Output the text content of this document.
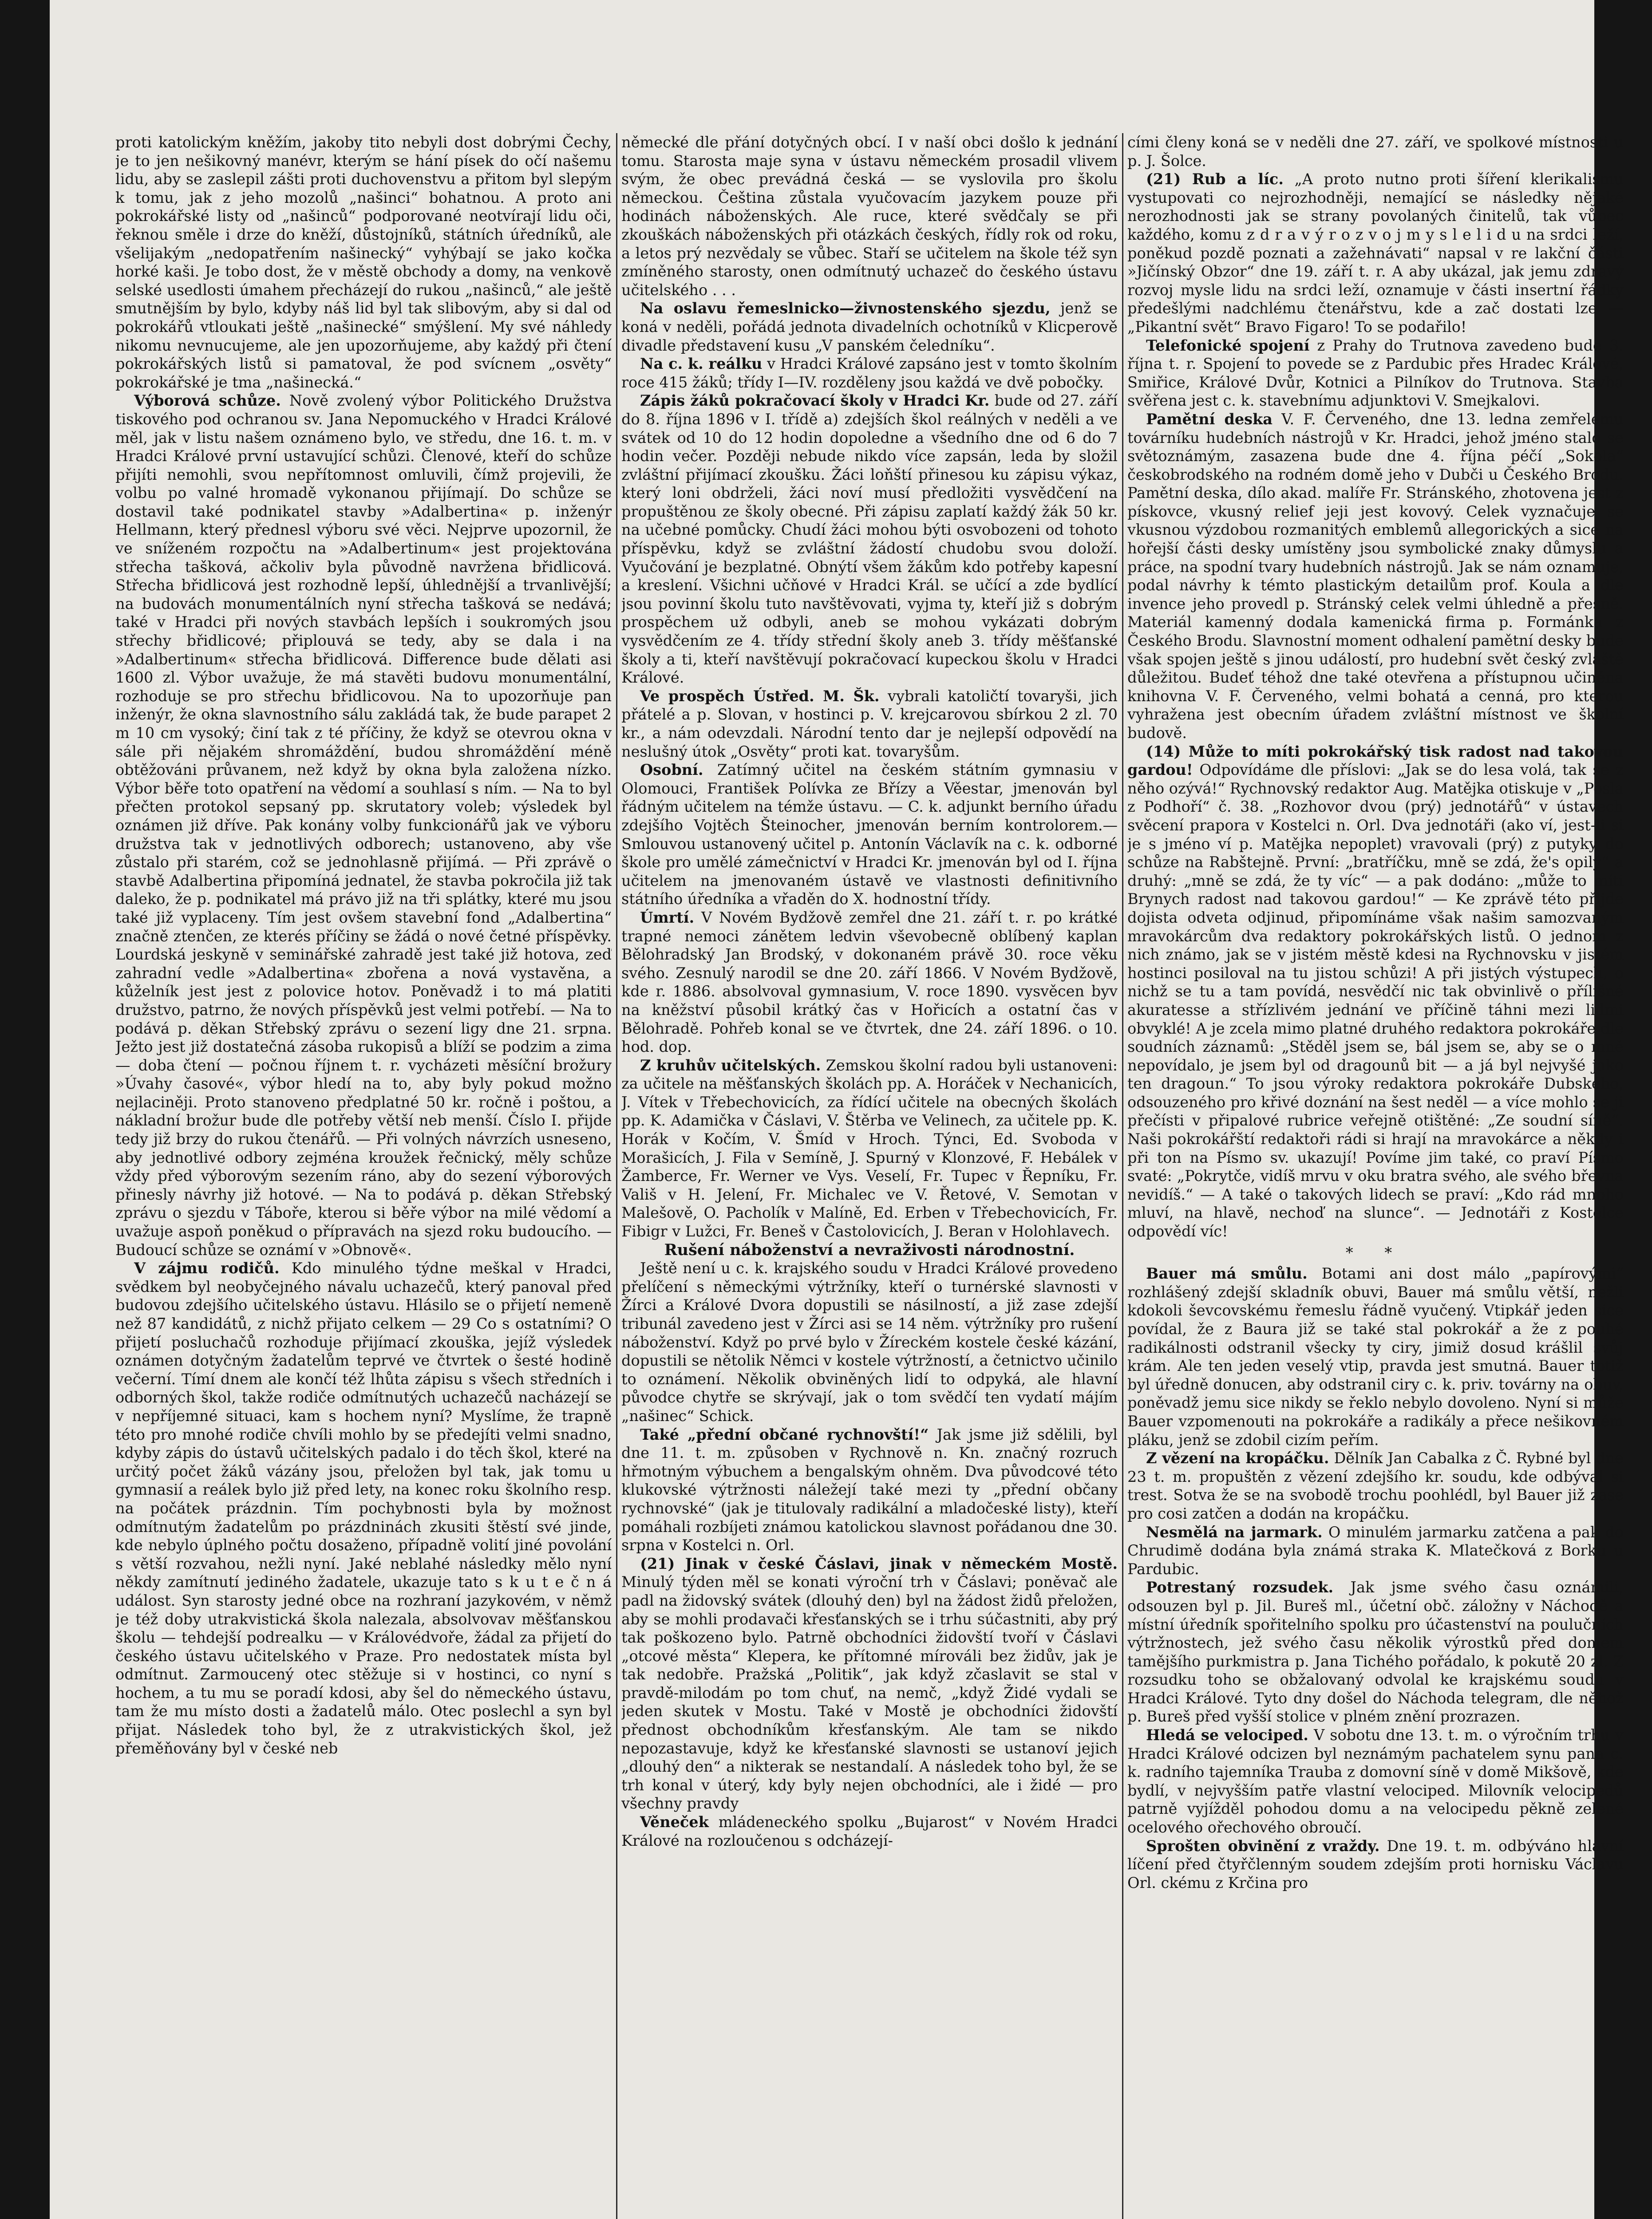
proti katolickým kněžím, jakoby tito nebyli dost dobrými Čechy, je to jen nešikovný manévr, kterým se hání písek do očí našemu lidu, aby se zaslepil zášti proti duchovenstvu a přitom byl slepým k tomu, jak z jeho mozolů „našinci“ bohatnou. A proto ani pokrokářské listy od „našinců“ podporované neotvírají lidu oči, řeknou směle i drze do kněží, důstojníků, státních úředníků, ale všelijakým „nedopatřením našinecký“ vyhýbají se jako kočka horké kaši. Je tobo dost, že v městě obchody a domy, na venkově selské usedlosti úmahem přecházejí do rukou „našinců,“ ale ještě smutnějším by bylo, kdyby náš lid byl tak slibovým, aby si dal od pokrokářů vtloukati ještě „našinecké“ smýšlení. My své náhledy nikomu nevnucujeme, ale jen upozorňujeme, aby každý při čtení pokrokářských listů si pamatoval, že pod svícnem „osvěty“ pokrokářské je tma „našinecká.“

Výborová schůze. Nově zvolený výbor Politického Družstva tiskového pod ochranou sv. Jana Nepomuckého v Hradci Králové měl, jak v listu našem oznámeno bylo, ve středu, dne 16. t. m. v Hradci Králové první ustavující schůzi. Členové, kteří do schůze přijíti nemohli, svou nepřítomnost omluvili, čímž projevili, že volbu po valné hromadě vykonanou přijímají. Do schůze se dostavil také podnikatel stavby »Adalbertina« p. inženýr Hellmann, který přednesl výboru své věci. Nejprve upozornil, že ve sníženém rozpočtu na »Adalbertinum« jest projektována střecha tašková, ačkoliv byla původně navržena břidlicová. Střecha břidlicová jest rozhodně lepší, úhlednější a trvanlivější; na budovách monumentálních nyní střecha tašková se nedává; také v Hradci při nových stavbách lepších i soukromých jsou střechy břidlicové; připlouvá se tedy, aby se dala i na »Adalbertinum« střecha břidlicová. Difference bude dělati asi 1600 zl. Výbor uvažuje, že má stavěti budovu monumentální, rozhoduje se pro střechu břidlicovou. Na to upozorňuje pan inženýr, že okna slavnostního sálu zakládá tak, že bude parapet 2 m 10 cm vysoký; činí tak z té příčiny, že když se otevrou okna v sále při nějakém shromáždění, budou shromáždění méně obtěžováni průvanem, než když by okna byla založena nízko. Výbor běře toto opatření na vědomí a souhlasí s ním. — Na to byl přečten protokol sepsaný pp. skrutatory voleb; výsledek byl oznámen již dříve. Pak konány volby funkcionářů jak ve výboru družstva tak v jednotlivých odborech; ustanoveno, aby vše zůstalo při starém, což se jednohlasně přijímá. — Při zprávě o stavbě Adalbertina připomíná jednatel, že stavba pokročila již tak daleko, že p. podnikatel má právo již na tři splátky, které mu jsou také již vyplaceny. Tím jest ovšem stavební fond „Adalbertina“ značně ztenčen, ze kterés příčiny se žádá o nové četné příspěvky. Lourdská jeskyně v seminářské zahradě jest také již hotova, zeď zahradní vedle »Adalbertina« zbořena a nová vystavěna, a kůželník jest jest z polovice hotov. Poněvadž i to má platiti družstvo, patrno, že nových příspěvků jest velmi potřebí. — Na to podává p. děkan Střebský zprávu o sezení ligy dne 21. srpna. Ježto jest již dostatečná zásoba rukopisů a blíží se podzim a zima — doba čtení — počnou říjnem t. r. vycházeti měsíční brožury »Úvahy časové«, výbor hledí na to, aby byly pokud možno nejlaciněji. Proto stanoveno předplatné 50 kr. ročně i poštou, a nákladní brožur bude dle potřeby větší neb menší. Číslo I. přijde tedy již brzy do rukou čtenářů. — Při volných návrzích usneseno, aby jednotlivé odbory zejména kroužek řečnický, měly schůze vždy před výborovým sezením ráno, aby do sezení výborových přinesly návrhy již hotové. — Na to podává p. děkan Střebský zprávu o sjezdu v Táboře, kterou si běře výbor na milé vědomí a uvažuje aspoň poněkud o přípravách na sjezd roku budoucího. — Budoucí schůze se oznámí v »Obnově«.

V zájmu rodičů. Kdo minulého týdne meškal v Hradci, svědkem byl neobyčejného návalu uchazečů, který panoval před budovou zdejšího učitelského ústavu. Hlásilo se o přijetí nemeně než 87 kandidátů, z nichž přijato celkem — 29 Co s ostatními? O přijetí posluchačů rozhoduje přijímací zkouška, jejíž výsledek oznámen dotyčným žadatelům teprvé ve čtvrtek o šesté hodině večerní. Tímí dnem ale končí též lhůta zápisu s všech středních i odborných škol, takže rodiče odmítnutých uchazečů nacházejí se v nepříjemné situaci, kam s hochem nyní? Myslíme, že trapně této pro mnohé rodiče chvíli mohlo by se předejíti velmi snadno, kdyby zápis do ústavů učitelských padalo i do těch škol, které na určitý počet žáků vázány jsou, přeložen byl tak, jak tomu u gymnasií a reálek bylo již před lety, na konec roku školního resp. na počátek prázdnin. Tím pochybnosti byla by možnost odmítnutým žadatelům po prázdninách zkusiti štěstí své jinde, kde nebylo úplného počtu dosaženo, případně volití jiné povolání s větší rozvahou, nežli nyní. Jaké neblahé následky mělo nyní někdy zamítnutí jediného žadatele, ukazuje tato s k u t e č n á událost. Syn starosty jedné obce na rozhraní jazykovém, v němž je též doby utrakvistická škola nalezala, absolvovav měšťanskou školu — tehdejší podrealku — v Královédvoře, žádal za přijetí do českého ústavu učitelského v Praze. Pro nedostatek místa byl odmítnut. Zarmoucený otec stěžuje si v hostinci, co nyní s hochem, a tu mu se poradí kdosi, aby šel do německého ústavu, tam že mu místo dosti a žadatelů málo. Otec poslechl a syn byl přijat. Následek toho byl, že z utrakvistických škol, jež přeměňovány byl v české neb

německé dle přání dotyčných obcí. I v naší obci došlo k jednání tomu. Starosta maje syna v ústavu německém prosadil vlivem svým, že obec prevádná česká — se vyslovila pro školu německou. Čeština zůstala vyučovacím jazykem pouze při hodinách náboženských. Ale ruce, které svědčaly se při zkouškách náboženských při otázkách českých, řídly rok od roku, a letos prý nezvědaly se vůbec. Staří se učitelem na škole též syn zmíněného starosty, onen odmítnutý uchazeč do českého ústavu učitelského . . .

Na oslavu řemeslnicko—živnostenského sjezdu, jenž se koná v neděli, pořádá jednota divadelních ochotníků v Klicperově divadle představení kusu „V panském čeledníku“.

Na c. k. reálku v Hradci Králové zapsáno jest v tomto školním roce 415 žáků; třídy I—IV. rozděleny jsou každá ve dvě pobočky.

Zápis žáků pokračovací školy v Hradci Kr. bude od 27. září do 8. října 1896 v I. třídě a) zdejších škol reálných v neděli a ve svátek od 10 do 12 hodin dopoledne a všedního dne od 6 do 7 hodin večer. Později nebude nikdo více zapsán, leda by složil zvláštní přijímací zkoušku. Žáci loňští přinesou ku zápisu výkaz, který loni obdrželi, žáci noví musí předložiti vysvědčení na propuštěnou ze školy obecné. Při zápisu zaplatí každý žák 50 kr. na učebné pomůcky. Chudí žáci mohou býti osvobozeni od tohoto příspěvku, když se zvláštní žádostí chudobu svou doloží. Vyučování je bezplatné. Obnýtí všem žákům kdo potřeby kapesní a kreslení. Všichni učňové v Hradci Král. se učící a zde bydlící jsou povinní školu tuto navštěvovati, vyjma ty, kteří již s dobrým prospěchem už odbyli, aneb se mohou vykázati dobrým vysvědčením ze 4. třídy střední školy aneb 3. třídy měšťanské školy a ti, kteří navštěvují pokračovací kupeckou školu v Hradci Králové.

Ve prospěch Ústřed. M. Šk. vybrali katoličtí tovaryši, jich přátelé a p. Slovan, v hostinci p. V. krejcarovou sbírkou 2 zl. 70 kr., a nám odevzdali. Národní tento dar je nejlepší odpovědí na neslušný útok „Osvěty“ proti kat. tovaryšům.

Osobní. Zatímný učitel na českém státním gymnasiu v Olomouci, František Polívka ze Břízy a Věestar, jmenován byl řádným učitelem na témže ústavu. — C. k. adjunkt berního úřadu zdejšího Vojtěch Šteinocher, jmenován berním kontrolorem.— Smlouvou ustanovený učitel p. Antonín Václavík na c. k. odborné škole pro umělé zámečnictví v Hradci Kr. jmenován byl od I. října učitelem na jmenovaném ústavě ve vlastnosti definitivního státního úředníka a vřaděn do X. hodnostní třídy.

Úmrtí. V Novém Bydžově zemřel dne 21. září t. r. po krátké trapné nemoci zánětem ledvin vševobecně oblíbený kaplan Bělohradský Jan Brodský, v dokonaném právě 30. roce věku svého. Zesnulý narodil se dne 20. září 1866. V Novém Bydžově, kde r. 1886. absolvoval gymnasium, V. roce 1890. vysvěcen byv na kněžství působil krátký čas v Hořicích a ostatní čas v Bělohradě. Pohřeb konal se ve čtvrtek, dne 24. září 1896. o 10. hod. dop.

Z kruhův učitelských. Zemskou školní radou byli ustanoveni: za učitele na měšťanských školách pp. A. Horáček v Nechanicích, J. Vítek v Třebechovicích, za řídící učitele na obecných školách pp. K. Adamička v Čáslavi, V. Štěrba ve Velinech, za učitele pp. K. Horák v Kočím, V. Šmíd v Hroch. Týnci, Ed. Svoboda v Morašicích, J. Fila v Semíně, J. Spurný v Klonzové, F. Hebálek v Žamberce, Fr. Werner ve Vys. Veselí, Fr. Tupec v Řepníku, Fr. Vališ v H. Jelení, Fr. Michalec ve V. Řetové, V. Semotan v Malešově, O. Pacholík v Malíně, Ed. Erben v Třebechovicích, Fr. Fibigr v Lužci, Fr. Beneš v Častolovicích, J. Beran v Holohlavech.

Rušení náboženství a nevraživosti národnostní.

Ještě není u c. k. krajského soudu v Hradci Králové provedeno přelíčení s německými výtržníky, kteří o turnérské slavnosti v Žírci a Králové Dvora dopustili se násilností, a již zase zdejší tribunál zavedeno jest v Žírci asi se 14 něm. výtržníky pro rušení náboženství. Když po prvé bylo v Žíreckém kostele české kázání, dopustili se nětolik Němci v kostele výtržností, a četnictvo učinilo to oznámení. Několik obviněných lidí to odpyká, ale hlavní původce chytře se skrývají, jak o tom svědčí ten vydatí májím „našinec“ Schick.

Také „přední občané rychnovští!“ Jak jsme již sdělili, byl dne 11. t. m. způsoben v Rychnově n. Kn. značný rozruch hřmotným výbuchem a bengalským ohněm. Dva původcové této klukovské výtržnosti náležejí také mezi ty „přední občany rychnovské“ (jak je titulovaly radikální a mladočeské listy), kteří pomáhali rozbíjeti známou katolickou slavnost pořádanou dne 30. srpna v Kostelci n. Orl.

(21) Jinak v české Čáslavi, jinak v německém Mostě. Minulý týden měl se konati výroční trh v Čáslavi; poněvač ale padl na židovský svátek (dlouhý den) byl na žádost židů přeložen, aby se mohli prodavači křesťanských se i trhu súčastniti, aby prý tak poškozeno bylo. Patrně obchodníci židovští tvoří v Čáslavi „otcové města“ Klepera, ke přítomné mírováli bez židův, jak je tak nedobře. Pražská „Politik“, jak když zčaslavit se stal v pravdě-milodám po tom chuť, na nemč, „když Židé vydali se jeden skutek v Mostu. Také v Mostě je obchodníci židovští přednost obchodníkům křesťanským. Ale tam se nikdo nepozastavuje, když ke křesťanské slavnosti se ustanoví jejich „dlouhý den“ a nikterak se nestandalí. A následek toho byl, že se trh konal v úterý, kdy byly nejen obchodníci, ale i židé — pro všechny pravdy

Věneček mládeneckého spolku „Bujarost“ v Novém Hradci Králové na rozloučenou s odcházejí-

cími členy koná se v neděli dne 27. září, ve spolkové místnosti u p. J. Šolce.

(21) Rub a líc. „A proto nutno proti šíření klerikalismu vystupovati co nejrozhodněji, nemající se následky nějaké nerozhodnosti jak se strany povolaných činitelů, tak vůbec každého, komu z d r a v ý r o z v o j m y s l e l i d u na srdci leží, poněkud pozdě poznati a zažehnávati“ napsal v re lakční části »Jičínský Obzor“ dne 19. září t. r. A aby ukázal, jak jemu zdravý rozvoj mysle lidu na srdci leží, oznamuje v části insertní řádky předešlými nadchlému čtenářstvu, kde a zač dostati lze — „Pikantní svět“ Bravo Figaro! To se podařilo!

Telefonické spojení z Prahy do Trutnova zavedeno bude 3. října t. r. Spojení to povede se z Pardubic přes Hradec Králové, Smiřice, Králové Dvůr, Kotnici a Pilníkov do Trutnova. Stavba svěřena jest c. k. stavebnímu adjunktovi V. Smejkalovi.

Pamětní deska V. F. Červeného, dne 13. ledna zemřelému továrníku hudebních nástrojů v Kr. Hradci, jehož jméno stalo se světoznámým, zasazena bude dne 4. října péčí „Sokola“ českobrodského na rodném domě jeho v Dubči u Českého Brodu. Pamětní deska, dílo akad. malíře Fr. Stránského, zhotovena jest z pískovce, vkusný relief jeji jest kovový. Celek vyznačuje se vkusnou výzdobou rozmanitých emblemů allegorických a sice na hořejší části desky umístěny jsou symbolické znaky důmyslu a práce, na spodní tvary hudebních nástrojů. Jak se nám oznamuje, podal návrhy k témto plastickým detailům prof. Koula a dle invence jeho provedl p. Stránský celek velmi úhledně a přesně. Materiál kamenný dodala kamenická firma p. Formánka z Českého Brodu. Slavnostní moment odhalení pamětní desky bude však spojen ještě s jinou událostí, pro hudební svět český zvláště důležitou. Budeť téhož dne také otevřena a přístupnou učiněna knihovna V. F. Červeného, velmi bohatá a cenná, pro kterou vyhražena jest obecním úřadem zvláštní místnost ve školní budově.

(14) Může to míti pokrokářský tisk radost nad takovou gardou! Odpovídáme dle příslovi: „Jak se do lesa volá, tak se z něho ozývá!“ Rychnovský redaktor Aug. Matějka otiskuje v „Posla z Podhoří“ č. 38. „Rozhovor dvou (prý) jednotářů“ v ústavech svěcení prapora v Kostelci n. Orl. Dva jednotáři (ako ví, jest-li si je s jméno ví p. Matějka nepoplet) vravovali (prý) z putyky do schůze na Rabštejně. První: „bratříčku, mně se zdá, že's opilý“ a druhý: „mně se zdá, že ty víc“ — a pak dodáno: „může to míti Brynych radost nad takovou gardou!“ — Ke zprávě této přijde dojista odveta odjinud, připomínáme však našim samozvaným mravokárcům dva redaktory pokrokářských listů. O jednom z nich známo, jak se v jistém městě kdesi na Rychnovsku v jistém hostinci posiloval na tu jistou schůzi! A při jistých výstupech, o nichž se tu a tam povídá, nesvědčí nic tak obvinlivě o přílišné akuratesse a střízlivém jednání ve příčině táhni mezi lidmi obvyklé! A je zcela mimo platné druhého redaktora pokrokáře dle soudních záznamů: „Stěděl jsem se, bál jsem se, aby se o mně nepovídalo, je jsem byl od dragounů bit — a já byl nejvyšé jako ten dragoun.“ To jsou výroky redaktora pokrokáře Dubského, odsouzeného pro křivé doznání na šest neděl — a více mohlo se ji přečísti v připalové rubrice veřejně otištěné: „Ze soudní síně“. Naši pokrokářští redaktoři rádi si hrají na mravokárce a někdy i při ton na Písmo sv. ukazují! Povíme jim také, co praví Písmo svaté: „Pokrytče, vidíš mrvu v oku bratra svého, ale svého břevna nevidíš.“ — A také o takových lidech se praví: „Kdo rád mnoho mluví, na hlavě, nechoď na slunce“. — Jednotáři z Kostelce odpovědí víc!

* *

Bauer má smůlu. Botami ani dost málo „papírovými“ rozhlášený zdejší skladník obuvi, Bauer má smůlu větší, nežli kdokoli ševcovskému řemeslu řádně vyučený. Vtipkář jeden sice povídal, že z Baura již se také stal pokrokář a že z pouhé radikálnosti odstranil všecky ty ciry, jimiž dosud krášlil svůj krám. Ale ten jeden veselý vtip, pravda jest smutná. Bauer totiž byl úředně donucen, aby odstranil ciry c. k. priv. továrny na obuv, poněvadž jemu sice nikdy se řeklo nebylo dovoleno. Nyní si může Bauer vzpomenouti na pokrokáře a radikály a přece nešikovném pláku, jenž se zdobil cizím peřím.

Z vězení na kropáčku. Dělník Jan Cabalka z Č. Rybné byl dne 23 t. m. propuštěn z vězení zdejšího kr. soudu, kde odbýval si trest. Sotva že se na svobodě trochu poohlédl, byl Bauer již zase pro cosi zatčen a dodán na kropáčku.

Nesmělá na jarmark. O minulém jarmarku zatčena a pak do Chrudimě dodána byla známá straka K. Mlatečková z Borku u Pardubic.

Potrestaný rozsudek. Jak jsme svého času oznámili, odsouzen byl p. Jil. Bureš ml., účetní obč. záložny v Náchodě a místní úředník spořitelního spolku pro účastenství na poulučních výtržnostech, jež svého času několik výrostků před domem tamějšího purkmistra p. Jana Tichého pořádalo, k pokutě 20 zl. Z rozsudku toho se obžalovaný odvolal ke krajskému soudu v Hradci Králové. Tyto dny došel do Náchoda telegram, dle něhož p. Bureš před vyšší stolice v plném znění prozrazen.

Hledá se velociped. V sobotu dne 13. t. m. o výročním trhu v Hradci Králové odcizen byl neznámým pachatelem synu pana c. k. radního tajemníka Trauba z domovní síně v domě Mikšově, kde bydlí, v nejvyšším patře vlastní velociped. Milovník velocipedů patrně vyjížděl pohodou domu a na velocipedu pěkně zelené ocelového ořechového obroučí.

Sprošten obvinění z vraždy. Dne 19. t. m. odbýváno hlavní líčení před čtyřčlenným soudem zdejším proti hornisku Václavu Orl. ckému z Krčina pro
